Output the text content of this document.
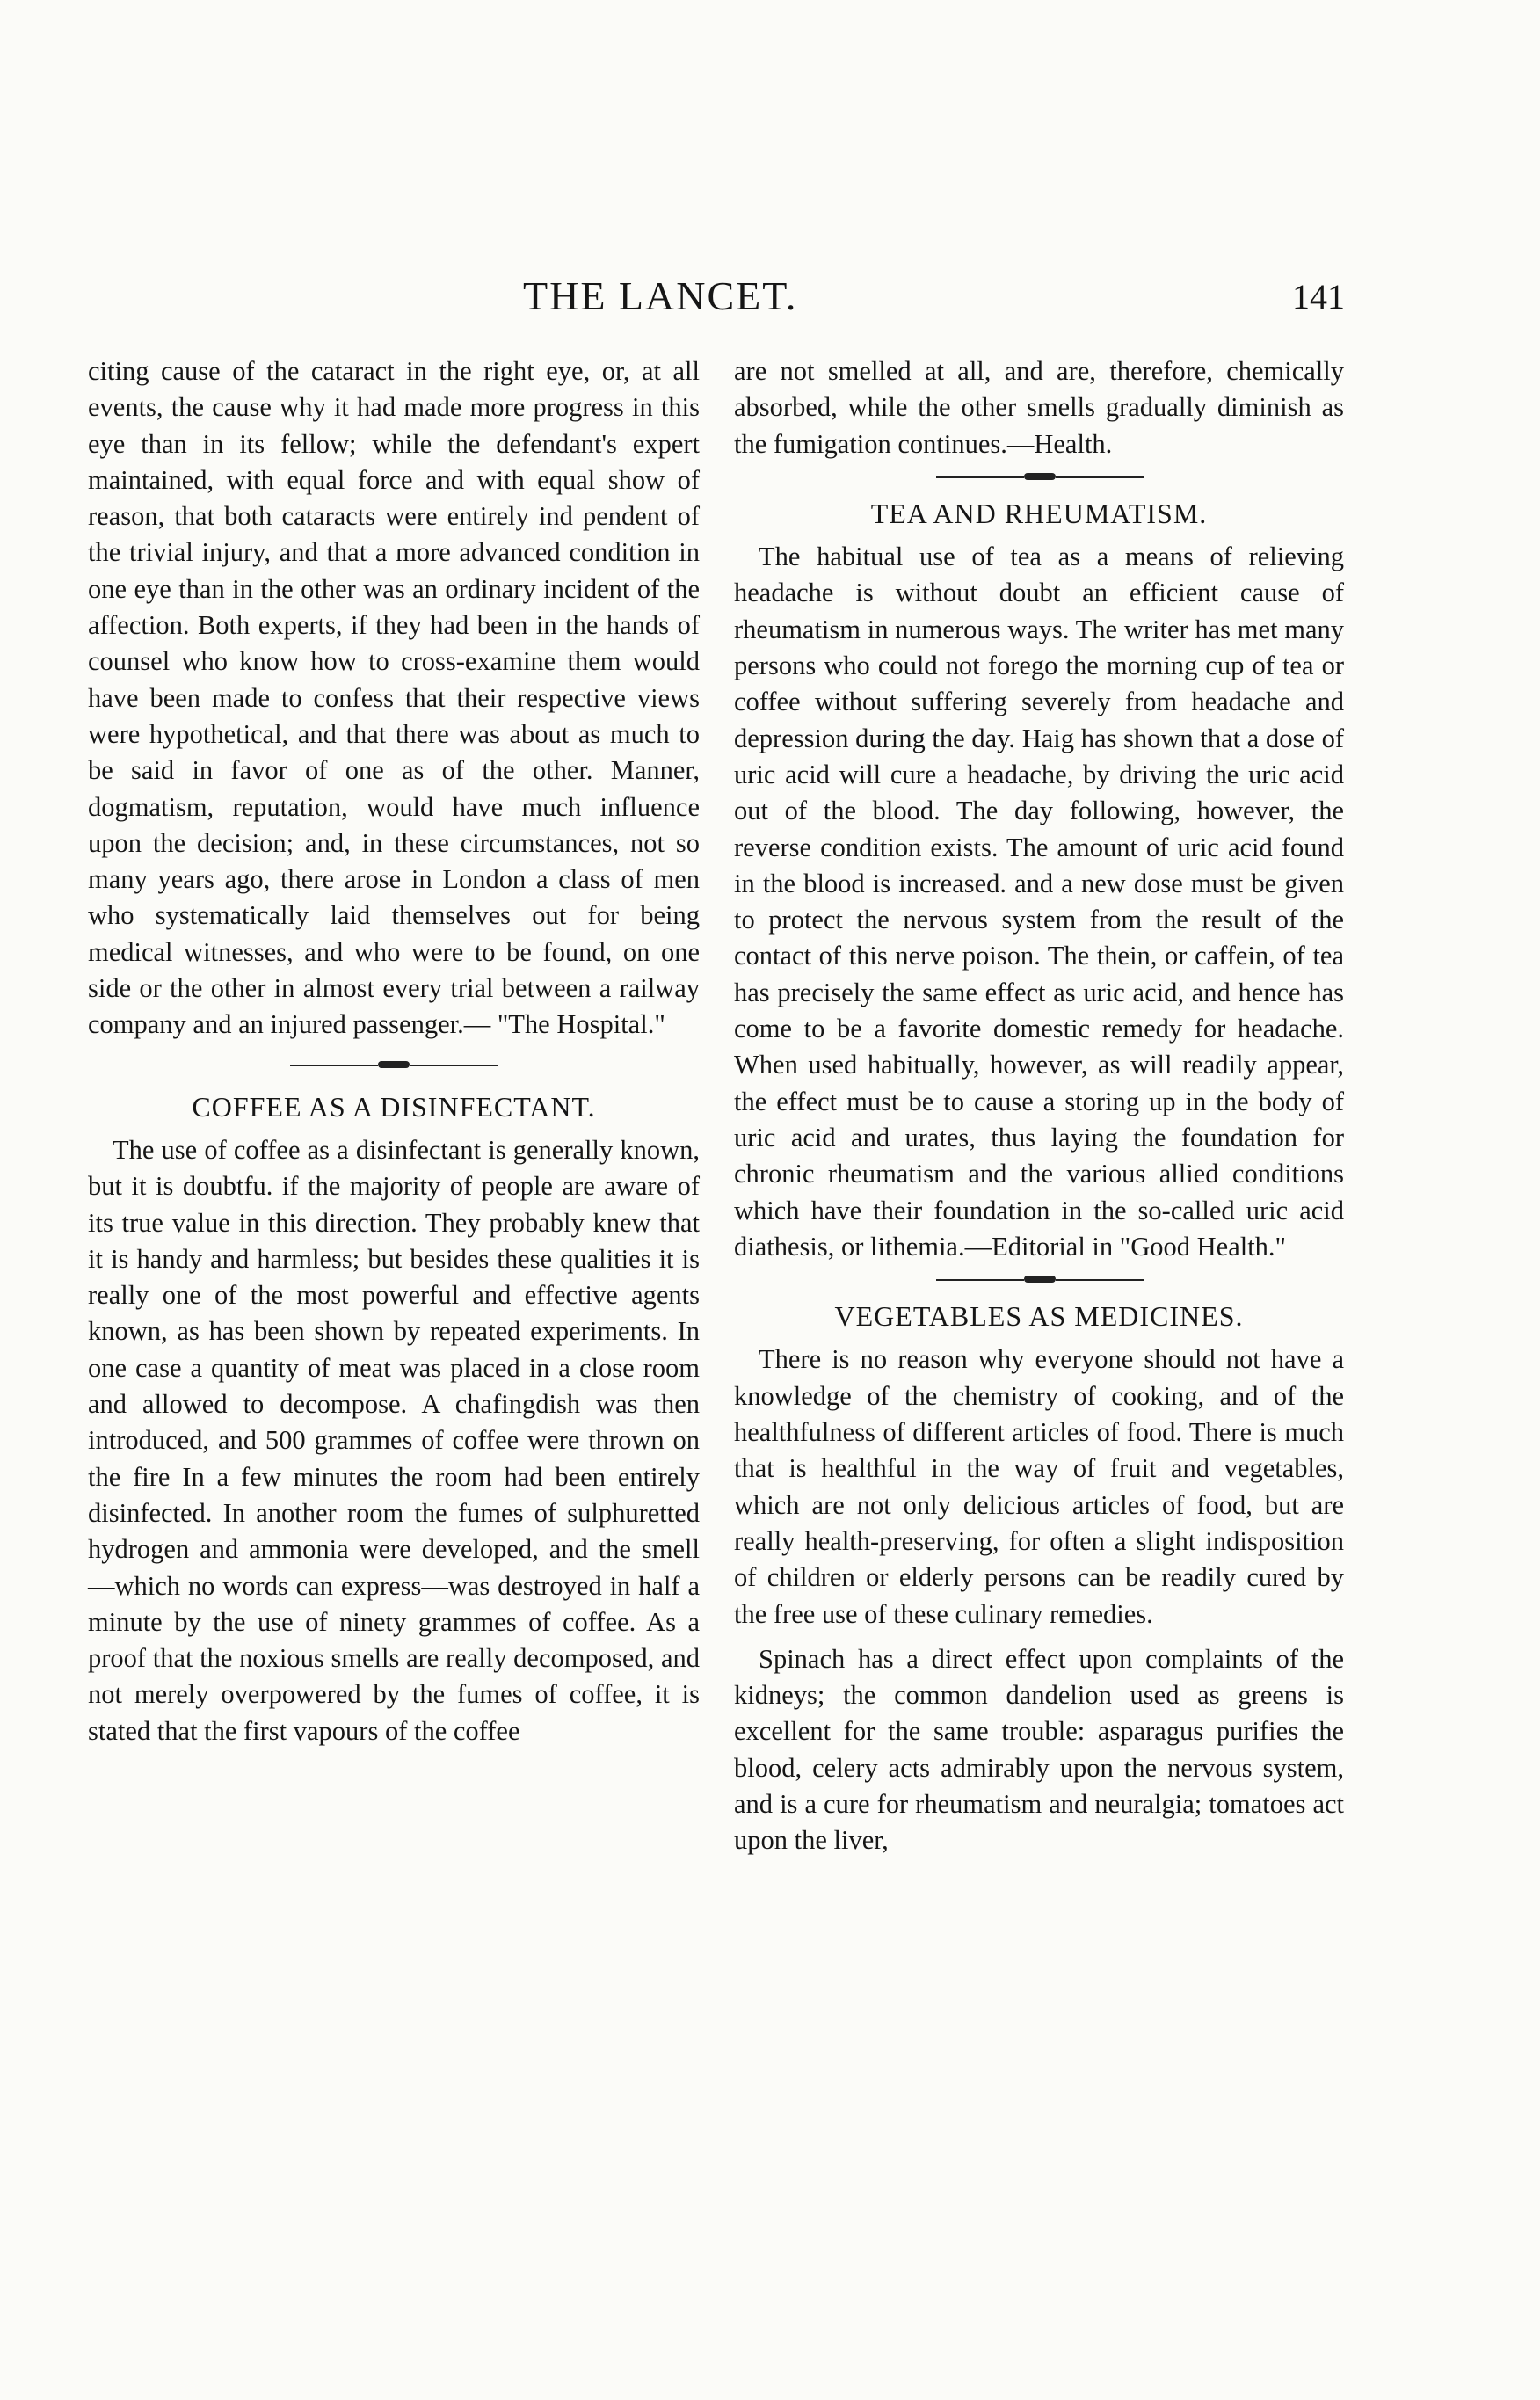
THE LANCET.	141

citing cause of the cataract in the right eye, or, at all events, the cause why it had made more progress in this eye than in its fellow; while the defendant's expert maintained, with equal force and with equal show of reason, that both cataracts were entirely ind pendent of the trivial injury, and that a more advanced condition in one eye than in the other was an ordinary incident of the affection. Both experts, if they had been in the hands of counsel who know how to cross-examine them would have been made to confess that their respective views were hypothetical, and that there was about as much to be said in favor of one as of the other. Manner, dogmatism, reputation, would have much influence upon the decision; and, in these circumstances, not so many years ago, there arose in London a class of men who systematically laid themselves out for being medical witnesses, and who were to be found, on one side or the other in almost every trial between a railway company and an injured passenger.— "The Hospital."

COFFEE AS A DISINFECTANT.

The use of coffee as a disinfectant is generally known, but it is doubtfu. if the majority of people are aware of its true value in this direction. They probably knew that it is handy and harmless; but besides these qualities it is really one of the most powerful and effective agents known, as has been shown by repeated experiments. In one case a quantity of meat was placed in a close room and allowed to decompose. A chafingdish was then introduced, and 500 grammes of coffee were thrown on the fire In a few minutes the room had been entirely disinfected. In another room the fumes of sulphuretted hydrogen and ammonia were developed, and the smell—which no words can express—was destroyed in half a minute by the use of ninety grammes of coffee. As a proof that the noxious smells are really decomposed, and not merely overpowered by the fumes of coffee, it is stated that the first vapours of the coffee

are not smelled at all, and are, therefore, chemically absorbed, while the other smells gradually diminish as the fumigation continues.—Health.

TEA AND RHEUMATISM.

The habitual use of tea as a means of relieving headache is without doubt an efficient cause of rheumatism in numerous ways. The writer has met many persons who could not forego the morning cup of tea or coffee without suffering severely from headache and depression during the day. Haig has shown that a dose of uric acid will cure a headache, by driving the uric acid out of the blood. The day following, however, the reverse condition exists. The amount of uric acid found in the blood is increased. and a new dose must be given to protect the nervous system from the result of the contact of this nerve poison. The thein, or caffein, of tea has precisely the same effect as uric acid, and hence has come to be a favorite domestic remedy for headache. When used habitually, however, as will readily appear, the effect must be to cause a storing up in the body of uric acid and urates, thus laying the foundation for chronic rheumatism and the various allied conditions which have their foundation in the so-called uric acid diathesis, or lithemia.—Editorial in "Good Health."

VEGETABLES AS MEDICINES.

There is no reason why everyone should not have a knowledge of the chemistry of cooking, and of the healthfulness of different articles of food. There is much that is healthful in the way of fruit and vegetables, which are not only delicious articles of food, but are really health-preserving, for often a slight indisposition of children or elderly persons can be readily cured by the free use of these culinary remedies.

Spinach has a direct effect upon complaints of the kidneys; the common dandelion used as greens is excellent for the same trouble: asparagus purifies the blood, celery acts admirably upon the nervous system, and is a cure for rheumatism and neuralgia; tomatoes act upon the liver,
